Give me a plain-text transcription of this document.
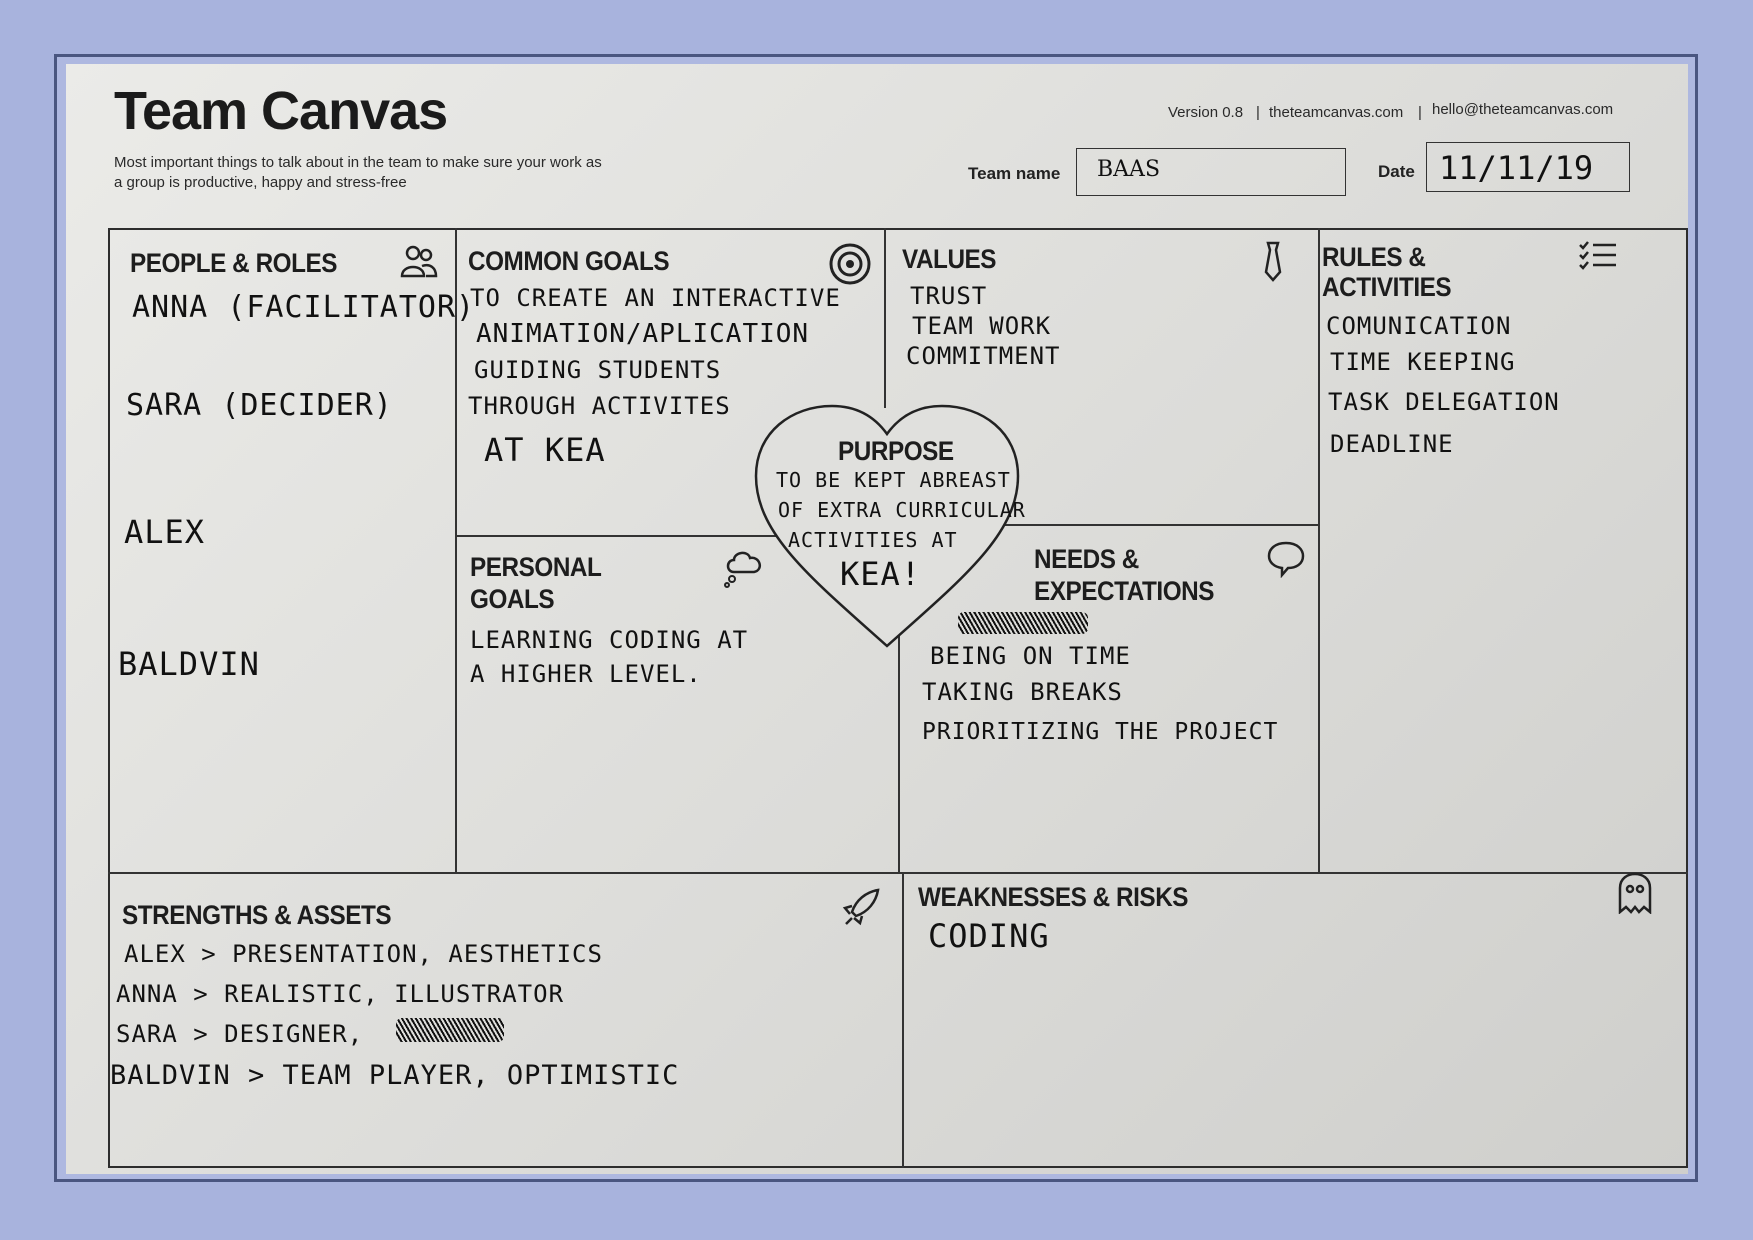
Team Canvas
Most important things to talk about in the team to make sure your work as a group is productive, happy and stress-free
Version 0.8 | theteamcanvas.com | hello@theteamcanvas.com
Team name	BAAS	Date 11/11/19
PURPOSE
TO BE KEPT ABREAST
OF EXTRA CURRICULAR
ACTIVITIES AT
KEA!
PEOPLE & ROLES
ANNA (FACILITATOR)
SARA (DECIDER)
ALEX
BALDVIN
COMMON GOALS
TO CREATE AN INTERACTIVE
ANIMATION/APLICATION
GUIDING STUDENTS
THROUGH ACTIVITES
AT KEA
VALUES
TRUST
TEAM WORK
COMMITMENT
RULES &
ACTIVITIES
COMUNICATION
TIME KEEPING
TASK DELEGATION
DEADLINE
PERSONAL
GOALS
LEARNING CODING AT
A HIGHER LEVEL.
NEEDS &
EXPECTATIONS
BEING ON TIME
TAKING BREAKS
PRIORITIZING THE PROJECT
STRENGTHS & ASSETS
ALEX > PRESENTATION, AESTHETICS
ANNA > REALISTIC, ILLUSTRATOR
SARA > DESIGNER,
BALDVIN > TEAM PLAYER, OPTIMISTIC
WEAKNESSES & RISKS
CODING
